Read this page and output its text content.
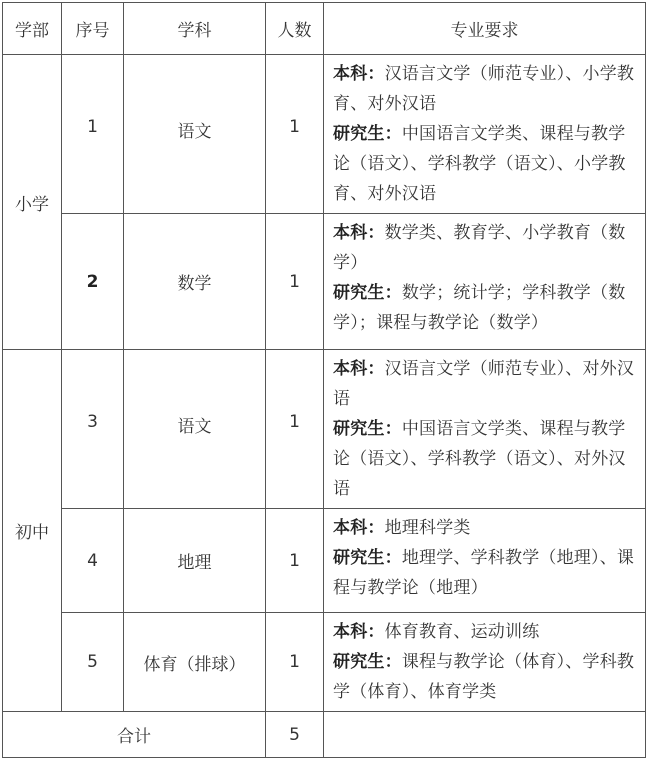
学部	序号	学科	人数	专业要求
小学	1	语文	1	本科：汉语言文学（师范专业）、小学教育、对外汉语
研究生：中国语言文学类、课程与教学论（语文）、学科教学（语文）、小学教育、对外汉语

	2	数学	1	本科：数学类、教育学、小学教育（数学）
研究生：数学；统计学；学科教学（数学）；课程与教学论（数学）

初中	3	语文	1	本科：汉语言文学（师范专业）、对外汉语
研究生：中国语言文学类、课程与教学论（语文）、学科教学（语文）、对外汉语

	4	地理	1	本科：地理科学类
研究生：地理学、学科教学（地理）、课程与教学论（地理）

	5	体育（排球）	1	本科：体育教育、运动训练
研究生：课程与教学论（体育）、学科教学（体育）、体育学类

合计			5	
